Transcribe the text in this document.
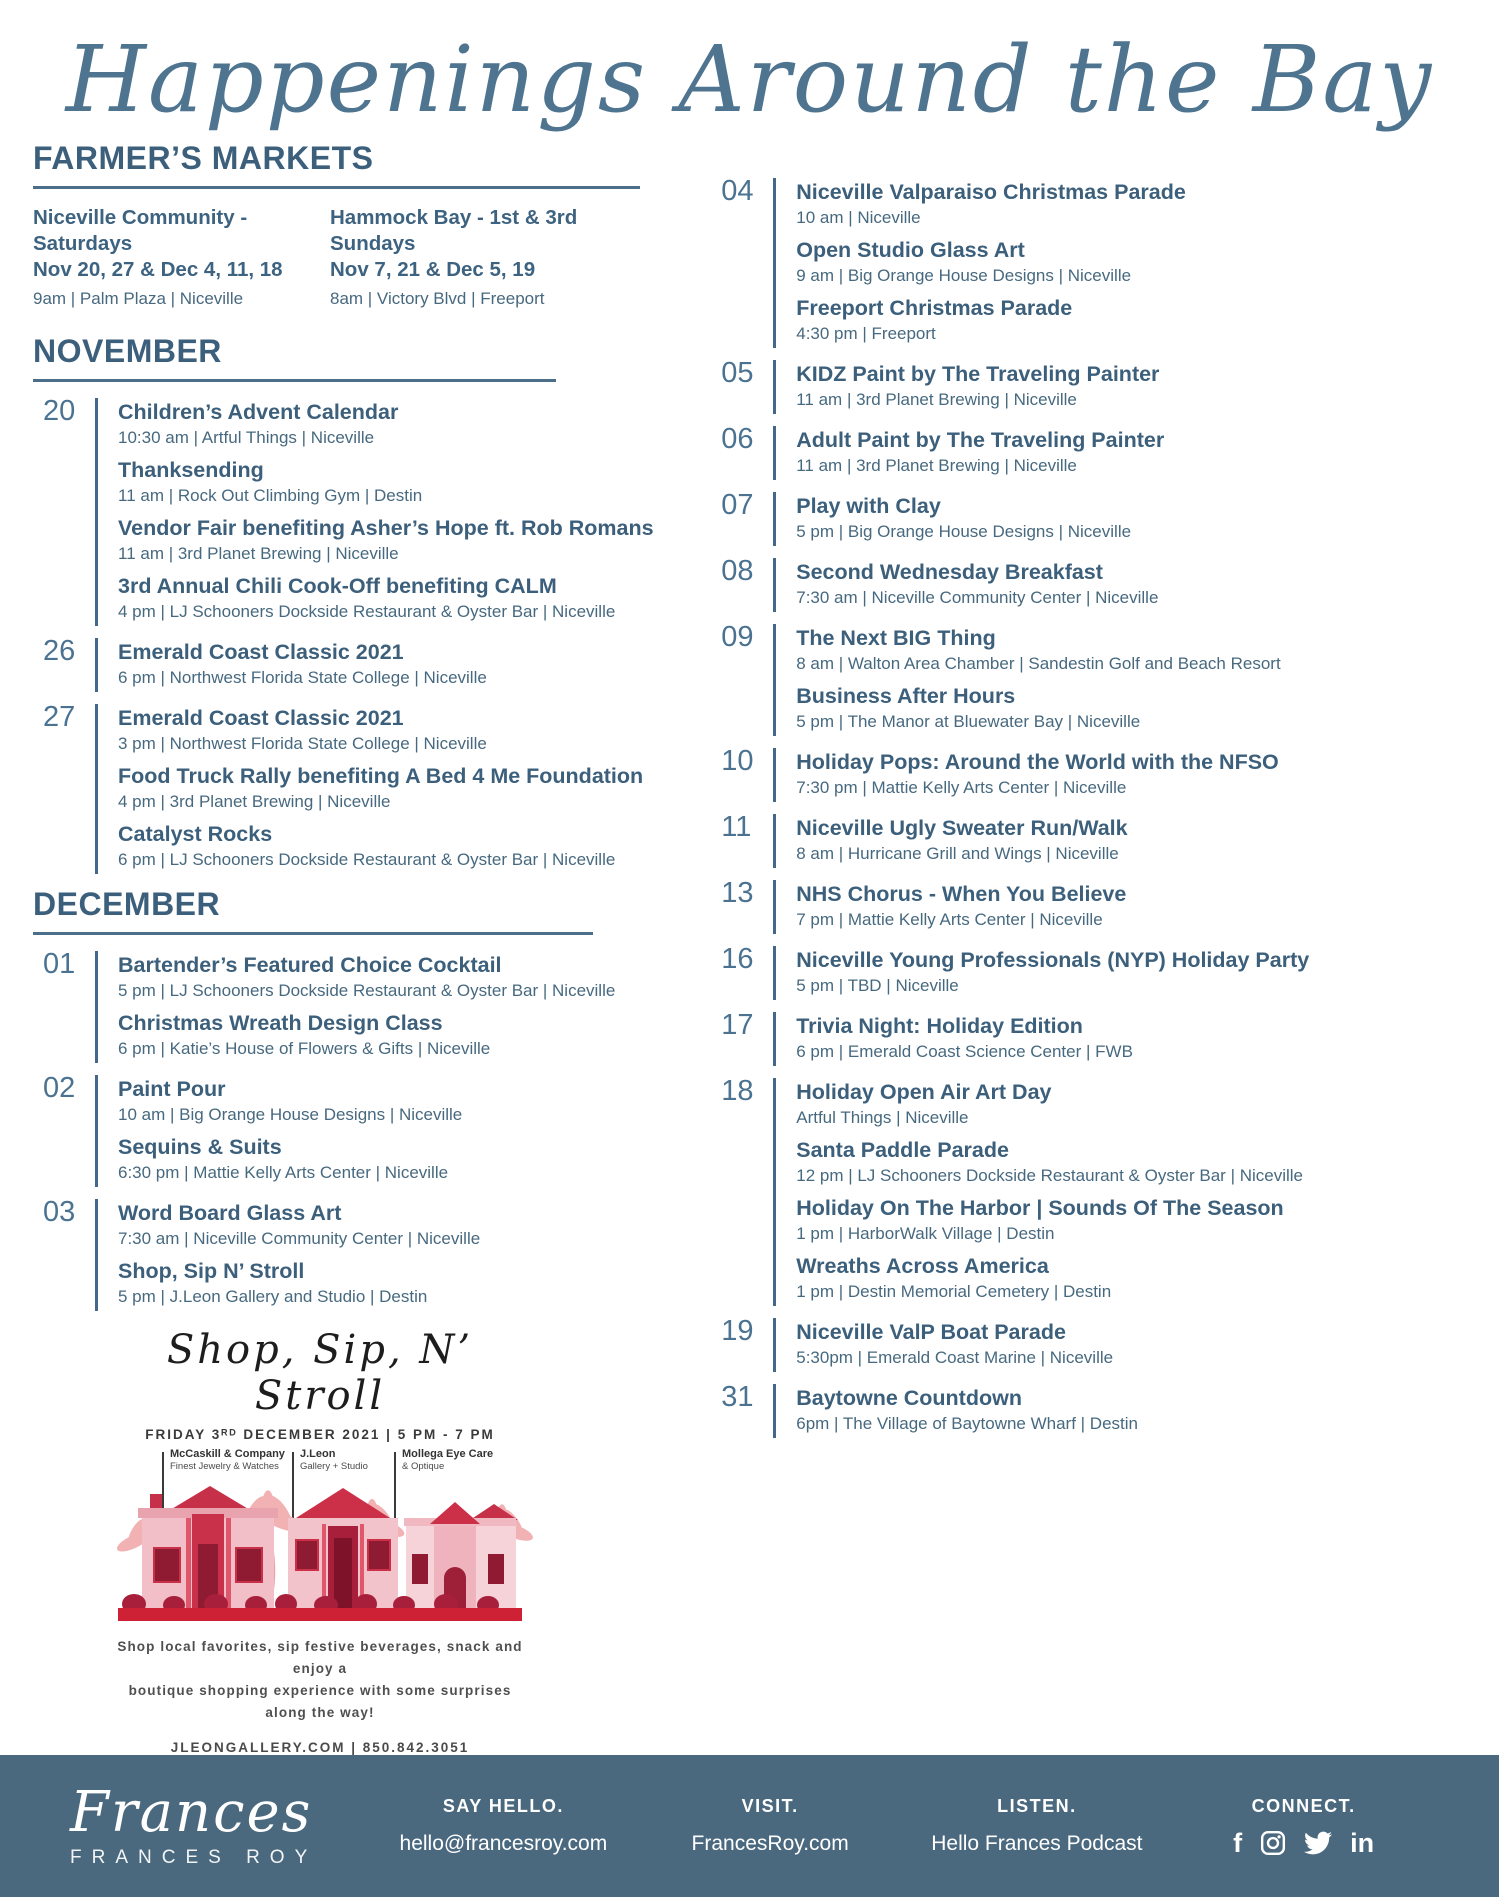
Happenings Around the Bay
FARMER’S MARKETS
Niceville Community - Saturdays
Nov 20, 27 & Dec 4, 11, 18
9am | Palm Plaza | Niceville
Hammock Bay - 1st & 3rd Sundays
Nov 7, 21 & Dec 5, 19
8am | Victory Blvd | Freeport
NOVEMBER
20	Children’s Advent Calendar
10:30 am | Artful Things | Niceville
Thanksending
11 am | Rock Out Climbing Gym | Destin
Vendor Fair benefiting Asher’s Hope ft. Rob Romans
11 am | 3rd Planet Brewing | Niceville
3rd Annual Chili Cook-Off benefiting CALM
4 pm | LJ Schooners Dockside Restaurant & Oyster Bar | Niceville
26	Emerald Coast Classic 2021
6 pm | Northwest Florida State College | Niceville
27	Emerald Coast Classic 2021
3 pm | Northwest Florida State College | Niceville
Food Truck Rally benefiting A Bed 4 Me Foundation
4 pm | 3rd Planet Brewing | Niceville
Catalyst Rocks
6 pm | LJ Schooners Dockside Restaurant & Oyster Bar | Niceville
DECEMBER
01	Bartender’s Featured Choice Cocktail
5 pm | LJ Schooners Dockside Restaurant & Oyster Bar | Niceville
Christmas Wreath Design Class
6 pm | Katie’s House of Flowers & Gifts | Niceville
02	Paint Pour
10 am | Big Orange House Designs | Niceville
Sequins & Suits
6:30 pm | Mattie Kelly Arts Center | Niceville
03	Word Board Glass Art
7:30 am | Niceville Community Center | Niceville
Shop, Sip N’ Stroll
5 pm | J.Leon Gallery and Studio | Destin
Shop, Sip, N’ Stroll
FRIDAY 3ᴿᴰ DECEMBER 2021 | 5 PM - 7 PM
McCaskill & Company
Finest Jewelry & Watches
J.Leon
Gallery + Studio
Mollega Eye Care
& Optique
Shop local favorites, sip festive beverages, snack and enjoy a
boutique shopping experience with some surprises along the way!
JLEONGALLERY.COM | 850.842.3051
04	Niceville Valparaiso Christmas Parade
10 am | Niceville
Open Studio Glass Art
9 am | Big Orange House Designs | Niceville
Freeport Christmas Parade
4:30 pm | Freeport
05	KIDZ Paint by The Traveling Painter
11 am | 3rd Planet Brewing | Niceville
06	Adult Paint by The Traveling Painter
11 am | 3rd Planet Brewing | Niceville
07	Play with Clay
5 pm | Big Orange House Designs | Niceville
08	Second Wednesday Breakfast
7:30 am | Niceville Community Center | Niceville
09	The Next BIG Thing
8 am | Walton Area Chamber | Sandestin Golf and Beach Resort
Business After Hours
5 pm | The Manor at Bluewater Bay | Niceville
10	Holiday Pops: Around the World with the NFSO
7:30 pm | Mattie Kelly Arts Center | Niceville
11	Niceville Ugly Sweater Run/Walk
8 am | Hurricane Grill and Wings | Niceville
13	NHS Chorus - When You Believe
7 pm | Mattie Kelly Arts Center | Niceville
16	Niceville Young Professionals (NYP) Holiday Party
5 pm | TBD | Niceville
17	Trivia Night: Holiday Edition
6 pm | Emerald Coast Science Center | FWB
18	Holiday Open Air Art Day
Artful Things | Niceville
Santa Paddle Parade
12 pm | LJ Schooners Dockside Restaurant & Oyster Bar | Niceville
Holiday On The Harbor | Sounds Of The Season
1 pm | HarborWalk Village | Destin
Wreaths Across America
1 pm | Destin Memorial Cemetery | Destin
19	Niceville ValP Boat Parade
5:30pm | Emerald Coast Marine | Niceville
31	Baytowne Countdown
6pm | The Village of Baytowne Wharf | Destin
Frances
FRANCES ROY
SAY HELLO.
hello@francesroy.com
VISIT.
FrancesRoy.com
LISTEN.
Hello Frances Podcast
CONNECT.
f	in
